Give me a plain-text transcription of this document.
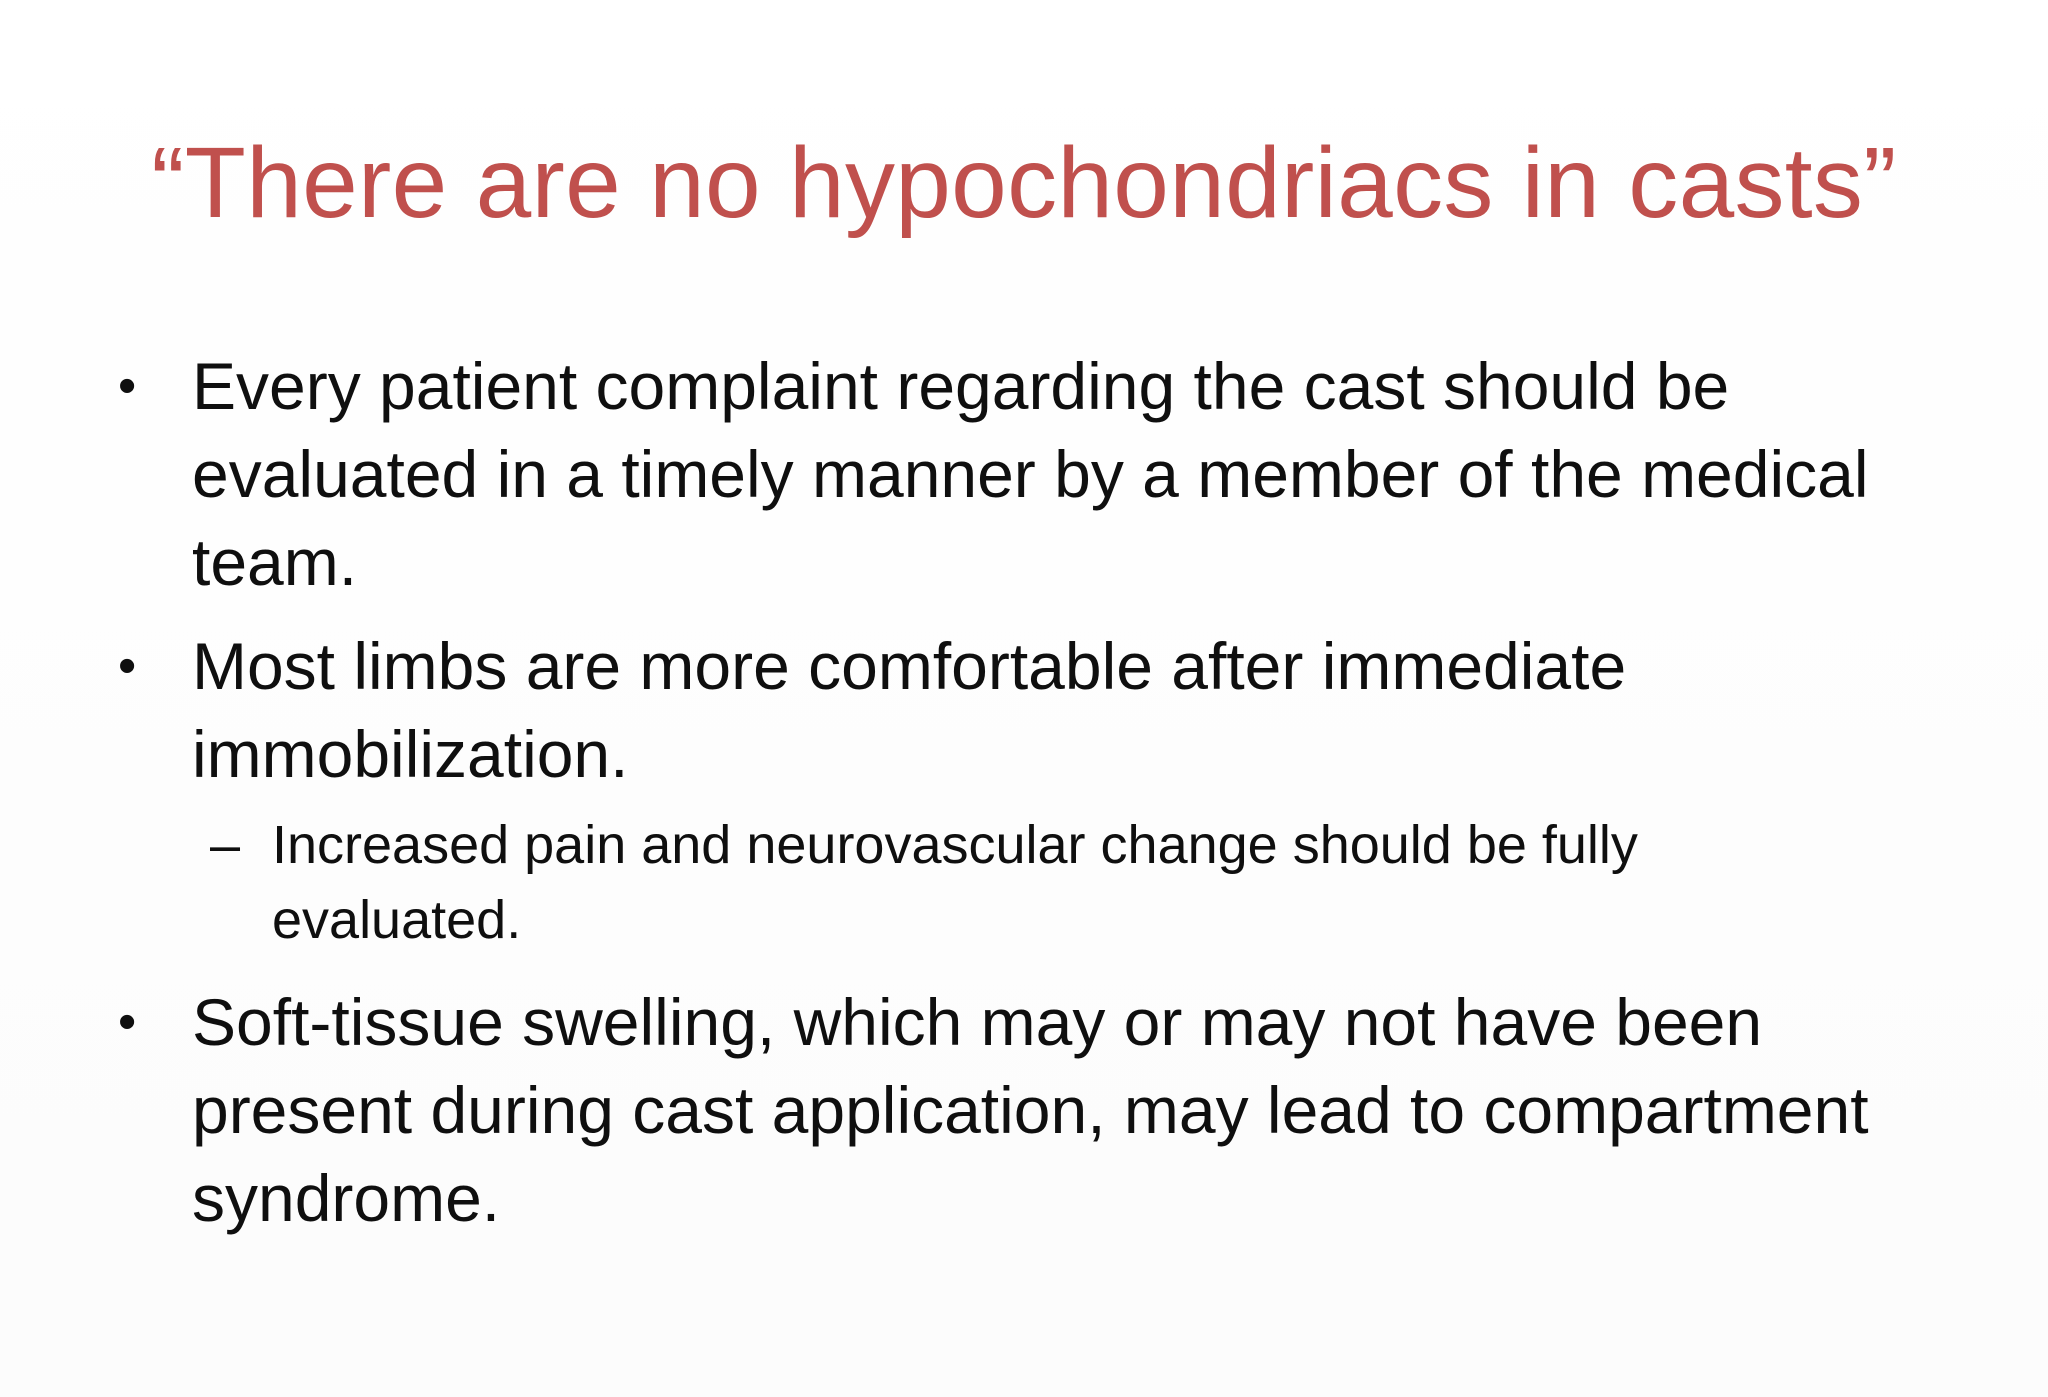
“There are no hypochondriacs in casts”
• Every patient complaint regarding the cast should be evaluated in a timely manner by a member of the medical team.
• Most limbs are more comfortable after immediate immobilization.
– Increased pain and neurovascular change should be fully evaluated.
• Soft-tissue swelling, which may or may not have been present during cast application, may lead to compartment syndrome.
